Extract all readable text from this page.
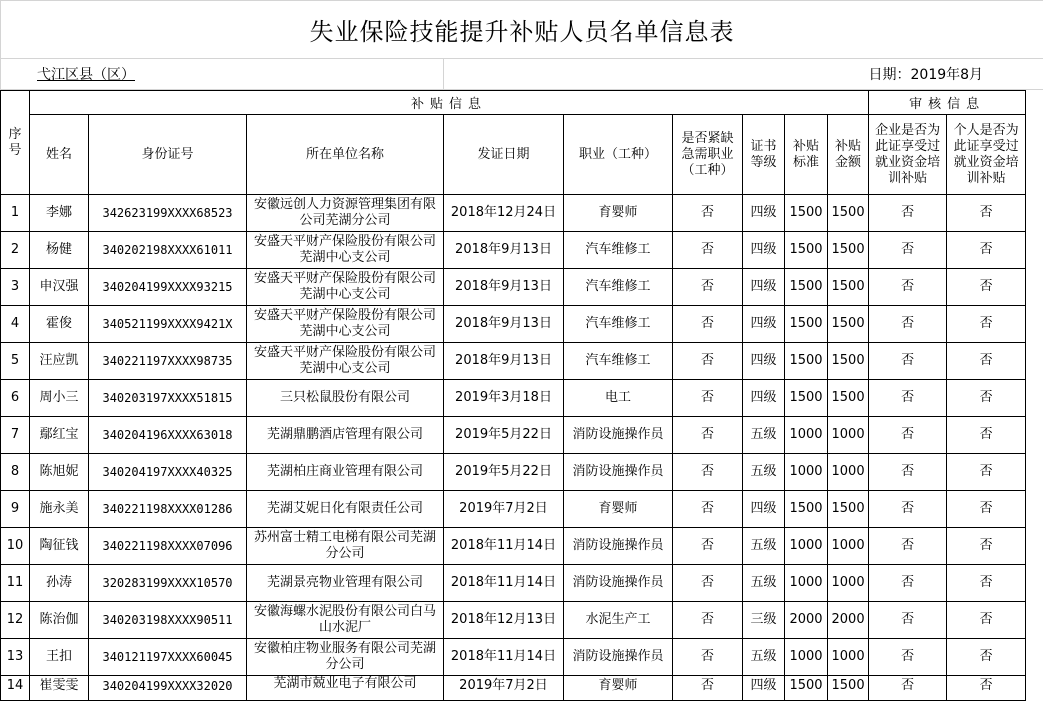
失业保险技能提升补贴人员名单信息表
弋江区县（区）	日期：2019年8月
序号	补贴信息									审核信息		
	姓名	身份证号	所在单位名称	发证日期	职业（工种）	是否紧缺急需职业（工种）	证书等级	补贴标准	补贴金额	企业是否为此证享受过就业资金培训补贴	个人是否为此证享受过就业资金培训补贴	
1	李娜	342623199XXXX68523	安徽远创人力资源管理集团有限公司芜湖分公司	2018年12月24日	育婴师	否	四级	1500	1500	否	否	
2	杨健	340202198XXXX61011	安盛天平财产保险股份有限公司芜湖中心支公司	2018年9月13日	汽车维修工	否	四级	1500	1500	否	否	
3	申汉强	340204199XXXX93215	安盛天平财产保险股份有限公司芜湖中心支公司	2018年9月13日	汽车维修工	否	四级	1500	1500	否	否	
4	霍俊	340521199XXXX9421X	安盛天平财产保险股份有限公司芜湖中心支公司	2018年9月13日	汽车维修工	否	四级	1500	1500	否	否	
5	汪应凯	340221197XXXX98735	安盛天平财产保险股份有限公司芜湖中心支公司	2018年9月13日	汽车维修工	否	四级	1500	1500	否	否	
6	周小三	340203197XXXX51815	三只松鼠股份有限公司	2019年3月18日	电工	否	四级	1500	1500	否	否	
7	鄢红宝	340204196XXXX63018	芜湖鼎鹏酒店管理有限公司	2019年5月22日	消防设施操作员	否	五级	1000	1000	否	否	
8	陈旭妮	340204197XXXX40325	芜湖柏庄商业管理有限公司	2019年5月22日	消防设施操作员	否	五级	1000	1000	否	否	
9	施永美	340221198XXXX01286	芜湖艾妮日化有限责任公司	2019年7月2日	育婴师	否	四级	1500	1500	否	否	
10	陶征钱	340221198XXXX07096	苏州富士精工电梯有限公司芜湖分公司	2018年11月14日	消防设施操作员	否	五级	1000	1000	否	否	
11	孙涛	320283199XXXX10570	芜湖景亮物业管理有限公司	2018年11月14日	消防设施操作员	否	五级	1000	1000	否	否	
12	陈治伽	340203198XXXX90511	安徽海螺水泥股份有限公司白马山水泥厂	2018年12月13日	水泥生产工	否	三级	2000	2000	否	否	
13	王扣	340121197XXXX60045	安徽柏庄物业服务有限公司芜湖分公司	2018年11月14日	消防设施操作员	否	五级	1000	1000	否	否	
14	崔雯雯	340204199XXXX32020	芜湖市兢业电子有限公司	2019年7月2日	育婴师	否	四级	1500	1500	否	否	
